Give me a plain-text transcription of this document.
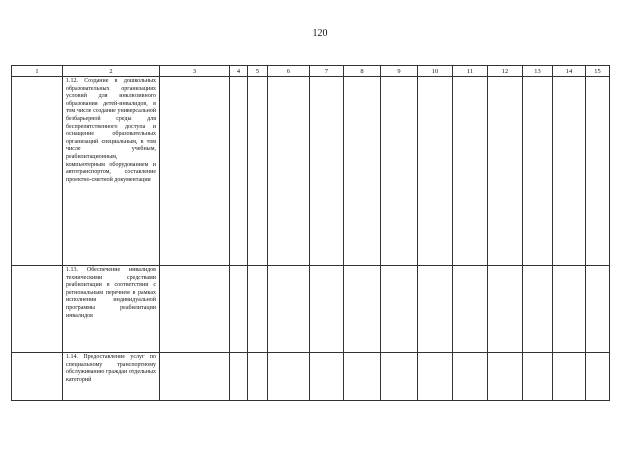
120
1	2	3	4	5	6	7	8	9	10	11	12	13	14	15

	1.12. Создание в дошкольных образовательных организациях условий для инклюзивного образования детей-инвалидов, в том числе создание универсальной безбарьерной среды для беспрепятственного доступа и оснащение образовательных организаций специальным, в том числе учебным, реабилитационным, компьютерным оборудованием и автотранспортом, составление проектно-сметной документации													

	1.13. Обеспечение инвалидов техническими средствами реабилитации в соответствии с региональным перечнем в рамках исполнения индивидуальной программы реабилитации инвалидов													

	1.14. Предоставление услуг по специальному транспортному обслуживанию граждан отдельных категорий													
